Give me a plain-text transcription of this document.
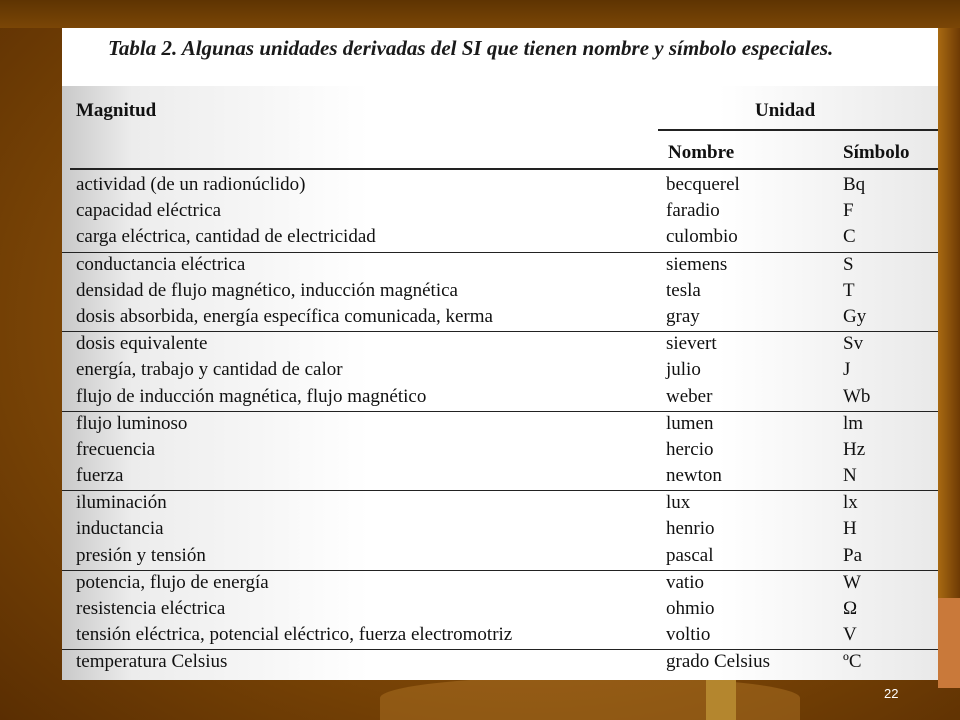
Tabla 2. Algunas unidades derivadas del SI que tienen nombre y símbolo especiales.
Magnitud	Unidad
Nombre	Símbolo
actividad (de un radionúclido)	becquerel	Bq
capacidad eléctrica	faradio	F
carga eléctrica, cantidad de electricidad	culombio	C
conductancia eléctrica	siemens	S
densidad de flujo magnético, inducción magnética	tesla	T
dosis absorbida, energía específica comunicada, kerma	gray	Gy
dosis equivalente	sievert	Sv
energía, trabajo y cantidad de calor	julio	J
flujo de inducción magnética, flujo magnético	weber	Wb
flujo luminoso	lumen	lm
frecuencia	hercio	Hz
fuerza	newton	N
iluminación	lux	lx
inductancia	henrio	H
presión y tensión	pascal	Pa
potencia, flujo de energía	vatio	W
resistencia eléctrica	ohmio	Ω
tensión eléctrica, potencial eléctrico, fuerza electromotriz	voltio	V
temperatura Celsius	grado Celsius	ºC
22
